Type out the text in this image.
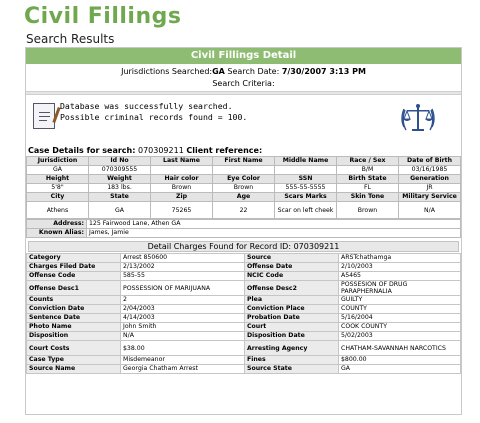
Civil Fillings
Search Results
Civil Fillings Detail
Jurisdictions Searched:GA Search Date: 7/30/2007 3:13 PM
Search Criteria:
Database was successfully searched.
Possible criminal records found = 100.
Case Details for search: 070309211 Client reference:
Jurisdiction	Id No	Last Name	First Name	Middle Name	Race / Sex	Date of Birth
GA	070309555				B/M	03/16/1985
Height	Weight	Hair color	Eye Color	SSN	Birth State	Generation
5'8"	183 lbs.	Brown	Brown	555-55-5555	FL	JR
City	State	Zip	Age	Scars Marks	Skin Tone	Military Service
Athens	GA	75265	22	Scar on left cheek	Brown	N/A
Address:	125 Fairwood Lane, Athen GA
Known Alias:	James, Jamie
Detail Charges Found for Record ID: 070309211
Category	Arrest 850600	Source	ARSTchathamga
Charges Filed Date	2/13/2002	Offense Date	2/10/2003
Offense Code	585-55	NCIC Code	A5465
Offense Desc1	POSSESSION OF MARIJUANA	Offense Desc2	POSSESION OF DRUG PARAPHERNALIA
Counts	2	Plea	GUILTY
Conviction Date	2/04/2003	Conviction Place	COUNTY
Sentence Date	4/14/2003	Probation Date	5/16/2004
Photo Name	John Smith	Court	COOK COUNTY
Disposition	N/A	Disposition Date	5/02/2003
Court Costs	$38.00	Arresting Agency	CHATHAM-SAVANNAH NARCOTICS
Case Type	Misdemeanor	Fines	$800.00
Source Name	Georgia Chatham Arrest	Source State	GA
